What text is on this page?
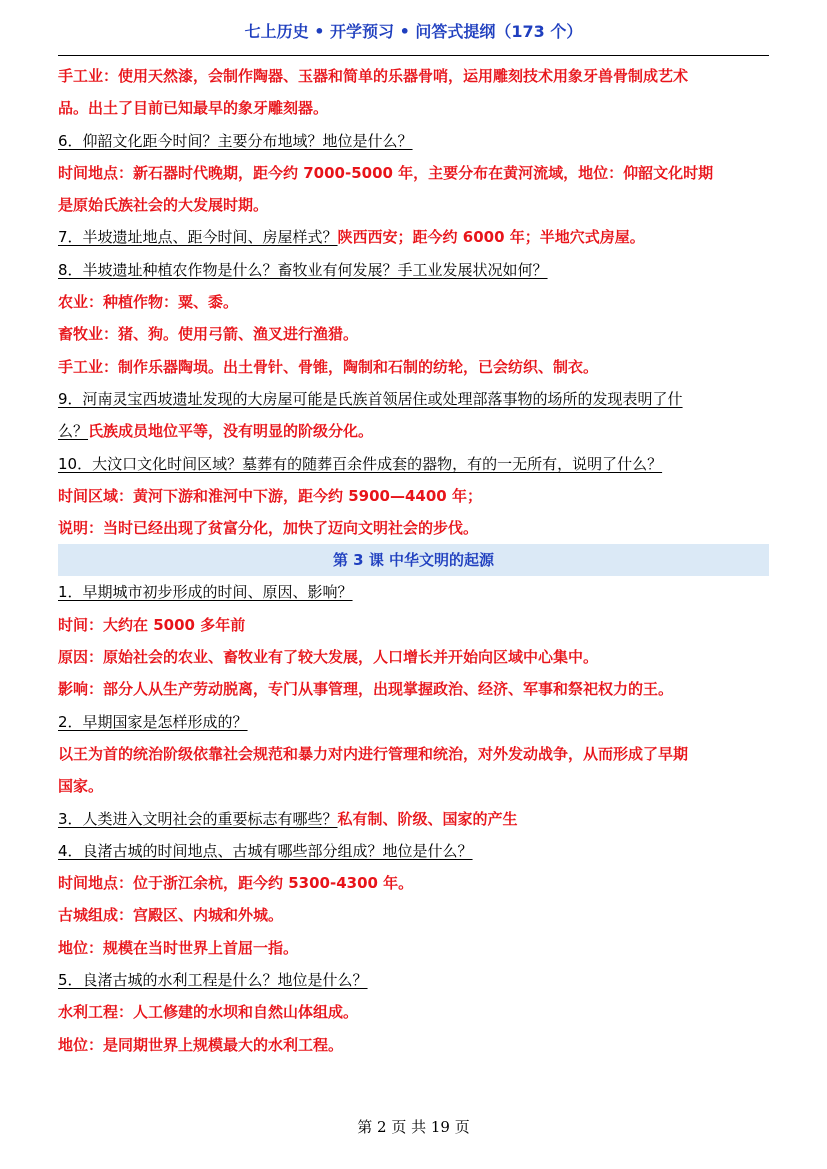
七上历史 • 开学预习 • 问答式提纲（173 个）
手工业：使用天然漆，会制作陶器、玉器和简单的乐器骨哨，运用雕刻技术用象牙兽骨制成艺术
品。出土了目前已知最早的象牙雕刻器。
6．仰韶文化距今时间？主要分布地域？地位是什么？
时间地点：新石器时代晚期，距今约 7000-5000 年，主要分布在黄河流域，地位：仰韶文化时期
是原始氏族社会的大发展时期。
7．半坡遗址地点、距今时间、房屋样式？陕西西安；距今约 6000 年；半地穴式房屋。
8．半坡遗址种植农作物是什么？畜牧业有何发展？手工业发展状况如何？
农业：种植作物：粟、黍。
畜牧业：猪、狗。使用弓箭、渔叉进行渔猎。
手工业：制作乐器陶埙。出土骨针、骨锥，陶制和石制的纺轮，已会纺织、制衣。
9．河南灵宝西坡遗址发现的大房屋可能是氏族首领居住或处理部落事物的场所的发现表明了什
么？氏族成员地位平等，没有明显的阶级分化。
10．大汶口文化时间区域？墓葬有的随葬百余件成套的器物，有的一无所有，说明了什么？
时间区域：黄河下游和淮河中下游，距今约 5900—4400 年；
说明：当时已经出现了贫富分化，加快了迈向文明社会的步伐。
第 3 课 中华文明的起源
1．早期城市初步形成的时间、原因、影响？
时间：大约在 5000 多年前
原因：原始社会的农业、畜牧业有了较大发展，人口增长并开始向区域中心集中。
影响：部分人从生产劳动脱离，专门从事管理，出现掌握政治、经济、军事和祭祀权力的王。
2．早期国家是怎样形成的？
以王为首的统治阶级依靠社会规范和暴力对内进行管理和统治，对外发动战争，从而形成了早期
国家。
3．人类进入文明社会的重要标志有哪些？私有制、阶级、国家的产生
4．良渚古城的时间地点、古城有哪些部分组成？地位是什么？
时间地点：位于浙江余杭，距今约 5300-4300 年。
古城组成：宫殿区、内城和外城。
地位：规模在当时世界上首屈一指。
5．良渚古城的水利工程是什么？地位是什么？
水利工程：人工修建的水坝和自然山体组成。
地位：是同期世界上规模最大的水利工程。
第 2 页 共 19 页
